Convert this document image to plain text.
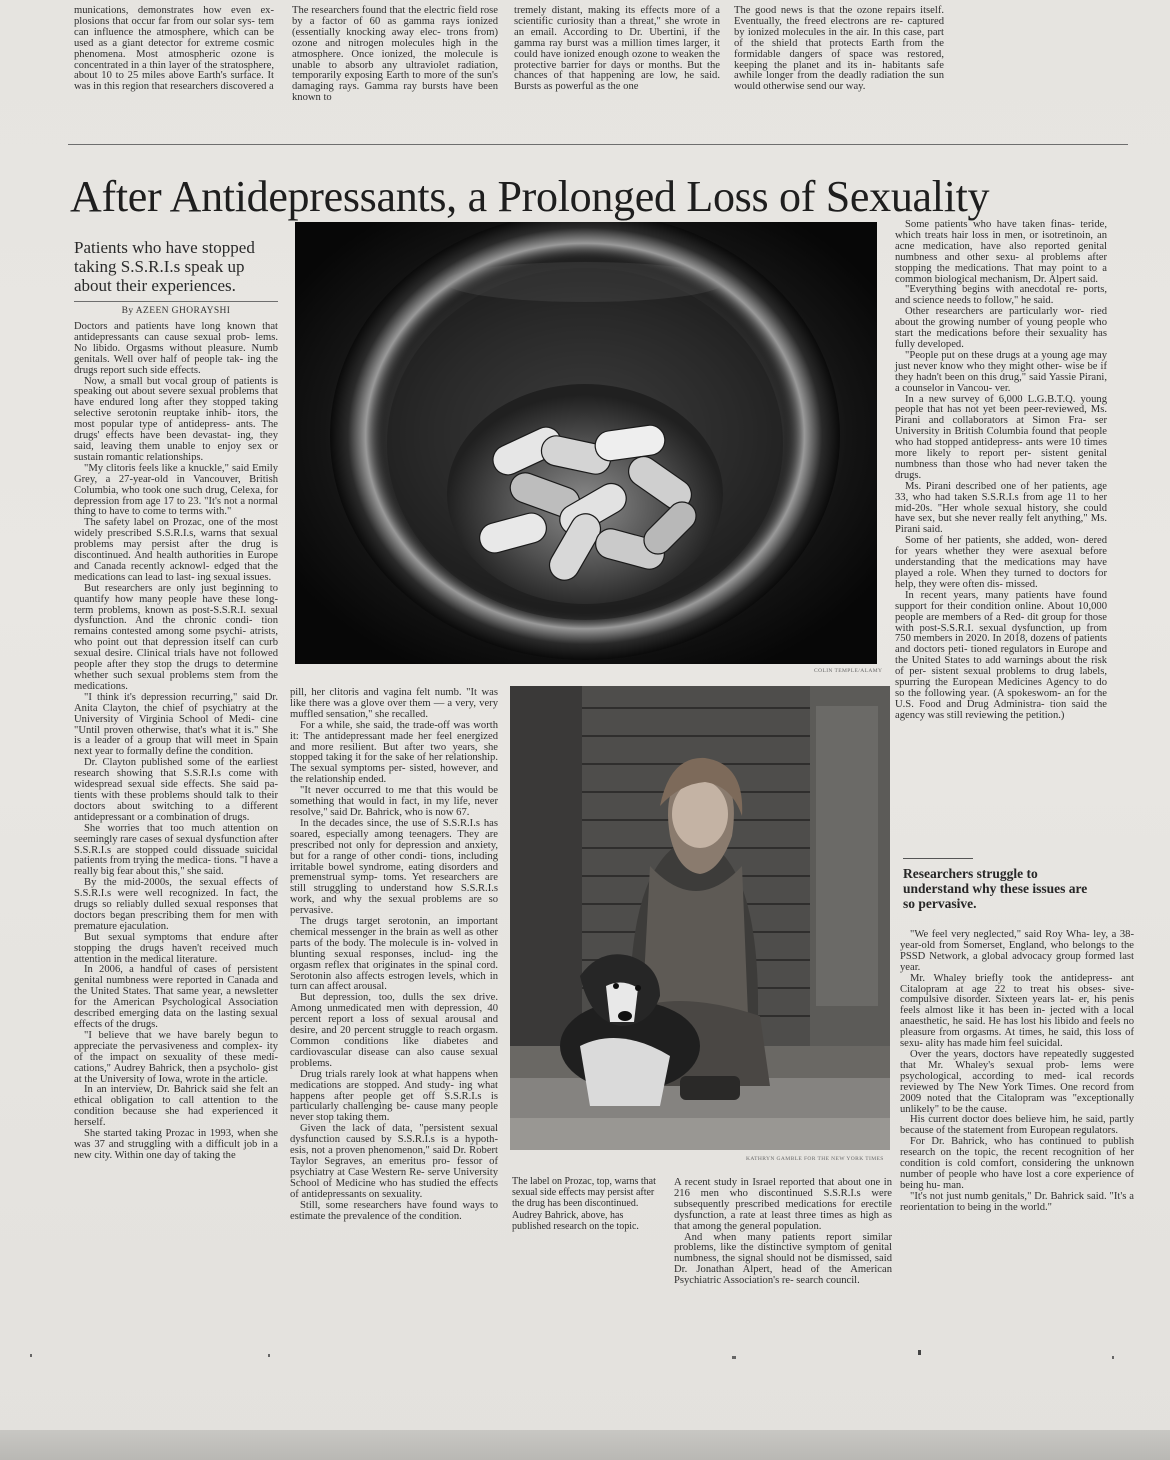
munications, demonstrates how even ex- plosions that occur far from our solar sys- tem can influence the atmosphere, which can be used as a giant detector for extreme cosmic phenomena. Most atmospheric ozone is concentrated in a thin layer of the stratosphere, about 10 to 25 miles above Earth's surface. It was in this region that researchers discovered a

The researchers found that the electric field rose by a factor of 60 as gamma rays ionized (essentially knocking away elec- trons from) ozone and nitrogen molecules high in the atmosphere. Once ionized, the molecule is unable to absorb any ultraviolet radiation, temporarily exposing Earth to more of the sun's damaging rays. Gamma ray bursts have been known to

tremely distant, making its effects more of a scientific curiosity than a threat," she wrote in an email. According to Dr. Ubertini, if the gamma ray burst was a million times larger, it could have ionized enough ozone to weaken the protective barrier for days or months. But the chances of that happening are low, he said. Bursts as powerful as the one

The good news is that the ozone repairs itself. Eventually, the freed electrons are re- captured by ionized molecules in the air. In this case, part of the shield that protects Earth from the formidable dangers of space was restored, keeping the planet and its in- habitants safe awhile longer from the deadly radiation the sun would otherwise send our way.

After Antidepressants, a Prolonged Loss of Sexuality
Patients who have stopped taking S.S.R.I.s speak up about their experiences.
By AZEEN GHORAYSHI

Doctors and patients have long known that antidepressants can cause sexual prob- lems. No libido. Orgasms without pleasure. Numb genitals. Well over half of people tak- ing the drugs report such side effects.

Now, a small but vocal group of patients is speaking out about severe sexual problems that have endured long after they stopped taking selective serotonin reuptake inhib- itors, the most popular type of antidepress- ants. The drugs' effects have been devastat- ing, they said, leaving them unable to enjoy sex or sustain romantic relationships.

"My clitoris feels like a knuckle," said Emily Grey, a 27-year-old in Vancouver, British Columbia, who took one such drug, Celexa, for depression from age 17 to 23. "It's not a normal thing to have to come to terms with."

The safety label on Prozac, one of the most widely prescribed S.S.R.I.s, warns that sexual problems may persist after the drug is discontinued. And health authorities in Europe and Canada recently acknowl- edged that the medications can lead to last- ing sexual issues.

But researchers are only just beginning to quantify how many people have these long-term problems, known as post-S.S.R.I. sexual dysfunction. And the chronic condi- tion remains contested among some psychi- atrists, who point out that depression itself can curb sexual desire. Clinical trials have not followed people after they stop the drugs to determine whether such sexual problems stem from the medications.

"I think it's depression recurring," said Dr. Anita Clayton, the chief of psychiatry at the University of Virginia School of Medi- cine "Until proven otherwise, that's what it is." She is a leader of a group that will meet in Spain next year to formally define the condition.

Dr. Clayton published some of the earliest research showing that S.S.R.I.s come with widespread sexual side effects. She said pa- tients with these problems should talk to their doctors about switching to a different antidepressant or a combination of drugs.

She worries that too much attention on seemingly rare cases of sexual dysfunction after S.S.R.I.s are stopped could dissuade suicidal patients from trying the medica- tions. "I have a really big fear about this," she said.

By the mid-2000s, the sexual effects of S.S.R.I.s were well recognized. In fact, the drugs so reliably dulled sexual responses that doctors began prescribing them for men with premature ejaculation.

But sexual symptoms that endure after stopping the drugs haven't received much attention in the medical literature.

In 2006, a handful of cases of persistent genital numbness were reported in Canada and the United States. That same year, a newsletter for the American Psychological Association described emerging data on the lasting sexual effects of the drugs.

"I believe that we have barely begun to appreciate the pervasiveness and complex- ity of the impact on sexuality of these medi- cations," Audrey Bahrick, then a psycholo- gist at the University of Iowa, wrote in the article.

In an interview, Dr. Bahrick said she felt an ethical obligation to call attention to the condition because she had experienced it herself.

She started taking Prozac in 1993, when she was 37 and struggling with a difficult job in a new city. Within one day of taking the

COLIN TEMPLE/ALAMY

pill, her clitoris and vagina felt numb. "It was like there was a glove over them — a very, very muffled sensation," she recalled.

For a while, she said, the trade-off was worth it: The antidepressant made her feel energized and more resilient. But after two years, she stopped taking it for the sake of her relationship. The sexual symptoms per- sisted, however, and the relationship ended.

"It never occurred to me that this would be something that would in fact, in my life, never resolve," said Dr. Bahrick, who is now 67.

In the decades since, the use of S.S.R.I.s has soared, especially among teenagers. They are prescribed not only for depression and anxiety, but for a range of other condi- tions, including irritable bowel syndrome, eating disorders and premenstrual symp- toms. Yet researchers are still struggling to understand how S.S.R.I.s work, and why the sexual problems are so pervasive.

The drugs target serotonin, an important chemical messenger in the brain as well as other parts of the body. The molecule is in- volved in blunting sexual responses, includ- ing the orgasm reflex that originates in the spinal cord. Serotonin also affects estrogen levels, which in turn can affect arousal.

But depression, too, dulls the sex drive. Among unmedicated men with depression, 40 percent report a loss of sexual arousal and desire, and 20 percent struggle to reach orgasm. Common conditions like diabetes and cardiovascular disease can also cause sexual problems.

Drug trials rarely look at what happens when medications are stopped. And study- ing what happens after people get off S.S.R.I.s is particularly challenging be- cause many people never stop taking them.

Given the lack of data, "persistent sexual dysfunction caused by S.S.R.I.s is a hypoth- esis, not a proven phenomenon," said Dr. Robert Taylor Segraves, an emeritus pro- fessor of psychiatry at Case Western Re- serve University School of Medicine who has studied the effects of antidepressants on sexuality.

Still, some researchers have found ways to estimate the prevalence of the condition.

KATHRYN GAMBLE FOR THE NEW YORK TIMES
The label on Prozac, top, warns that sexual side effects may persist after the drug has been discontinued. Audrey Bahrick, above, has published research on the topic.

A recent study in Israel reported that about one in 216 men who discontinued S.S.R.I.s were subsequently prescribed medications for erectile dysfunction, a rate at least three times as high as that among the general population.

And when many patients report similar problems, like the distinctive symptom of genital numbness, the signal should not be dismissed, said Dr. Jonathan Alpert, head of the American Psychiatric Association's re- search council.

Some patients who have taken finas- teride, which treats hair loss in men, or isotretinoin, an acne medication, have also reported genital numbness and other sexu- al problems after stopping the medications. That may point to a common biological mechanism, Dr. Alpert said.

"Everything begins with anecdotal re- ports, and science needs to follow," he said.

Other researchers are particularly wor- ried about the growing number of young people who start the medications before their sexuality has fully developed.

"People put on these drugs at a young age may just never know who they might other- wise be if they hadn't been on this drug," said Yassie Pirani, a counselor in Vancou- ver.

In a new survey of 6,000 L.G.B.T.Q. young people that has not yet been peer-reviewed, Ms. Pirani and collaborators at Simon Fra- ser University in British Columbia found that people who had stopped antidepress- ants were 10 times more likely to report per- sistent genital numbness than those who had never taken the drugs.

Ms. Pirani described one of her patients, age 33, who had taken S.S.R.I.s from age 11 to her mid-20s. "Her whole sexual history, she could have sex, but she never really felt anything," Ms. Pirani said.

Some of her patients, she added, won- dered for years whether they were asexual before understanding that the medications may have played a role. When they turned to doctors for help, they were often dis- missed.

In recent years, many patients have found support for their condition online. About 10,000 people are members of a Red- dit group for those with post-S.S.R.I. sexual dysfunction, up from 750 members in 2020. In 2018, dozens of patients and doctors peti- tioned regulators in Europe and the United States to add warnings about the risk of per- sistent sexual problems to drug labels, spurring the European Medicines Agency to do so the following year. (A spokeswom- an for the U.S. Food and Drug Administra- tion said the agency was still reviewing the petition.)

Researchers struggle to understand why these issues are so pervasive.

"We feel very neglected," said Roy Wha- ley, a 38-year-old from Somerset, England, who belongs to the PSSD Network, a global advocacy group formed last year.

Mr. Whaley briefly took the antidepress- ant Citalopram at age 22 to treat his obses- sive-compulsive disorder. Sixteen years lat- er, his penis feels almost like it has been in- jected with a local anaesthetic, he said. He has lost his libido and feels no pleasure from orgasms. At times, he said, this loss of sexu- ality has made him feel suicidal.

Over the years, doctors have repeatedly suggested that Mr. Whaley's sexual prob- lems were psychological, according to med- ical records reviewed by The New York Times. One record from 2009 noted that the Citalopram was "exceptionally unlikely" to be the cause.

His current doctor does believe him, he said, partly because of the statement from European regulators.

For Dr. Bahrick, who has continued to publish research on the topic, the recent recognition of her condition is cold comfort, considering the unknown number of people who have lost a core experience of being hu- man.

"It's not just numb genitals," Dr. Bahrick said. "It's a reorientation to being in the world."
